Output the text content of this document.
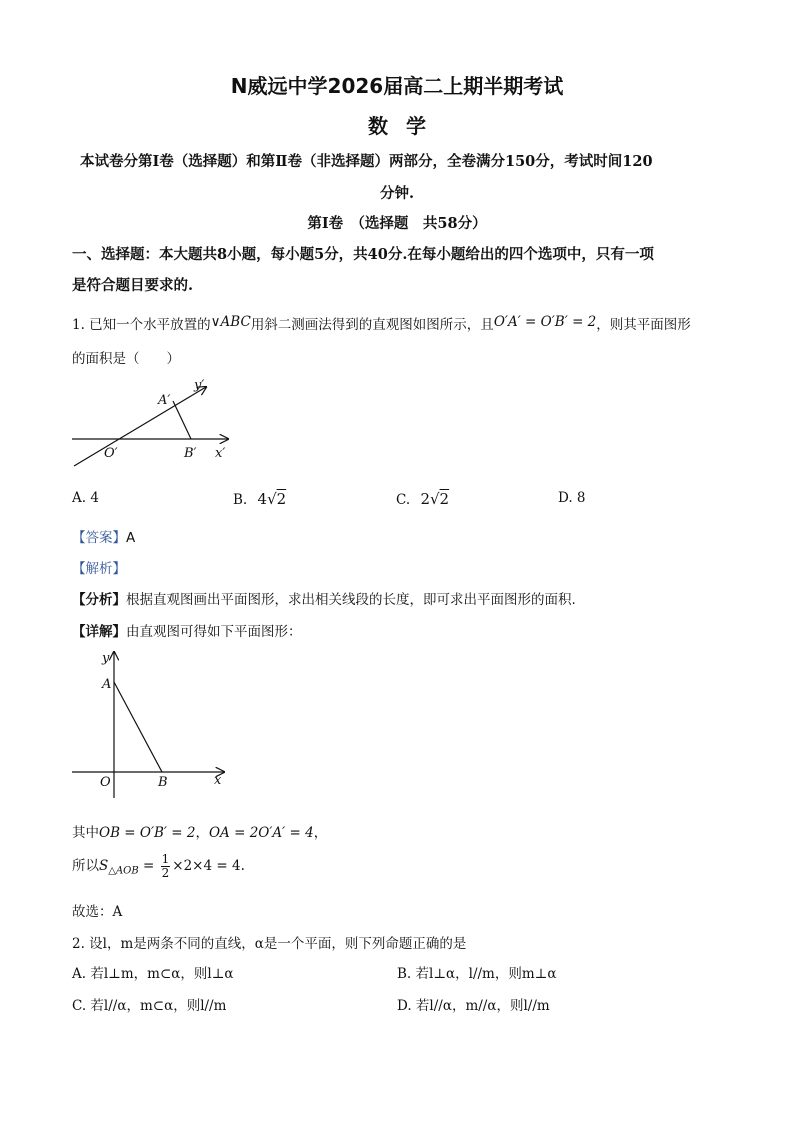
N威远中学2026届高二上期半期考试
数学
本试卷分第Ⅰ卷（选择题）和第Ⅱ卷（非选择题）两部分，全卷满分150分，考试时间120
分钟.
第Ⅰ卷　（选择题　共58分）
一、选择题：本大题共8小题，每小题5分，共40分.在每小题给出的四个选项中，只有一项
是符合题目要求的.
1. 已知一个水平放置的∨ABC用斜二测画法得到的直观图如图所示，且O′A′ = O′B′ = 2，则其平面图形
的面积是（　　）
y′
A′
O′	B′ x′
A. 4	B. 4√2	C. 2√2	D. 8
【答案】A
【解析】
【分析】根据直观图画出平面图形，求出相关线段的长度，即可求出平面图形的面积.
【详解】由直观图可得如下平面图形：
y
A
O	B	x
其中OB = O′B′ = 2，OA = 2O′A′ = 4，
所以$S_{\triangle AOB} = \frac{1}{2} \times 2\times 4 = 4$.
故选：A
2. 设l，m是两条不同的直线，α是一个平面，则下列命题正确的是
A. 若l⊥m，m⊂α，则l⊥α	B. 若l⊥α，l//m，则m⊥α
C. 若l//α，m⊂α，则l//m	D. 若l//α，m//α，则l//m
